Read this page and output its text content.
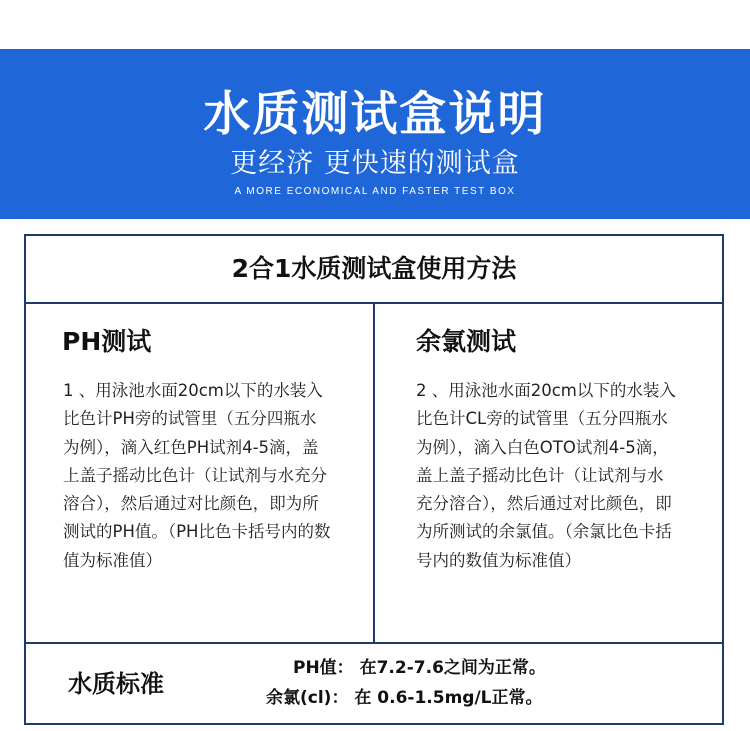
水质测试盒说明
更经济 更快速的测试盒
A MORE ECONOMICAL AND FASTER TEST BOX
2合1水质测试盒使用方法
PH测试
1 、用泳池水面20cm以下的水装入比色计PH旁的试管里（五分四瓶水为例），滴入红色PH试剂4-5滴，盖上盖子摇动比色计（让试剂与水充分溶合），然后通过对比颜色，即为所测试的PH值。（PH比色卡括号内的数值为标准值）
余氯测试
2 、用泳池水面20cm以下的水装入比色计CL旁的试管里（五分四瓶水为例），滴入白色OTO试剂4-5滴，盖上盖子摇动比色计（让试剂与水充分溶合），然后通过对比颜色，即为所测试的余氯值。（余氯比色卡括号内的数值为标准值）
水质标准
PH值： 在7.2-7.6之间为正常。
余氯(cl)： 在 0.6-1.5mg/L正常。
